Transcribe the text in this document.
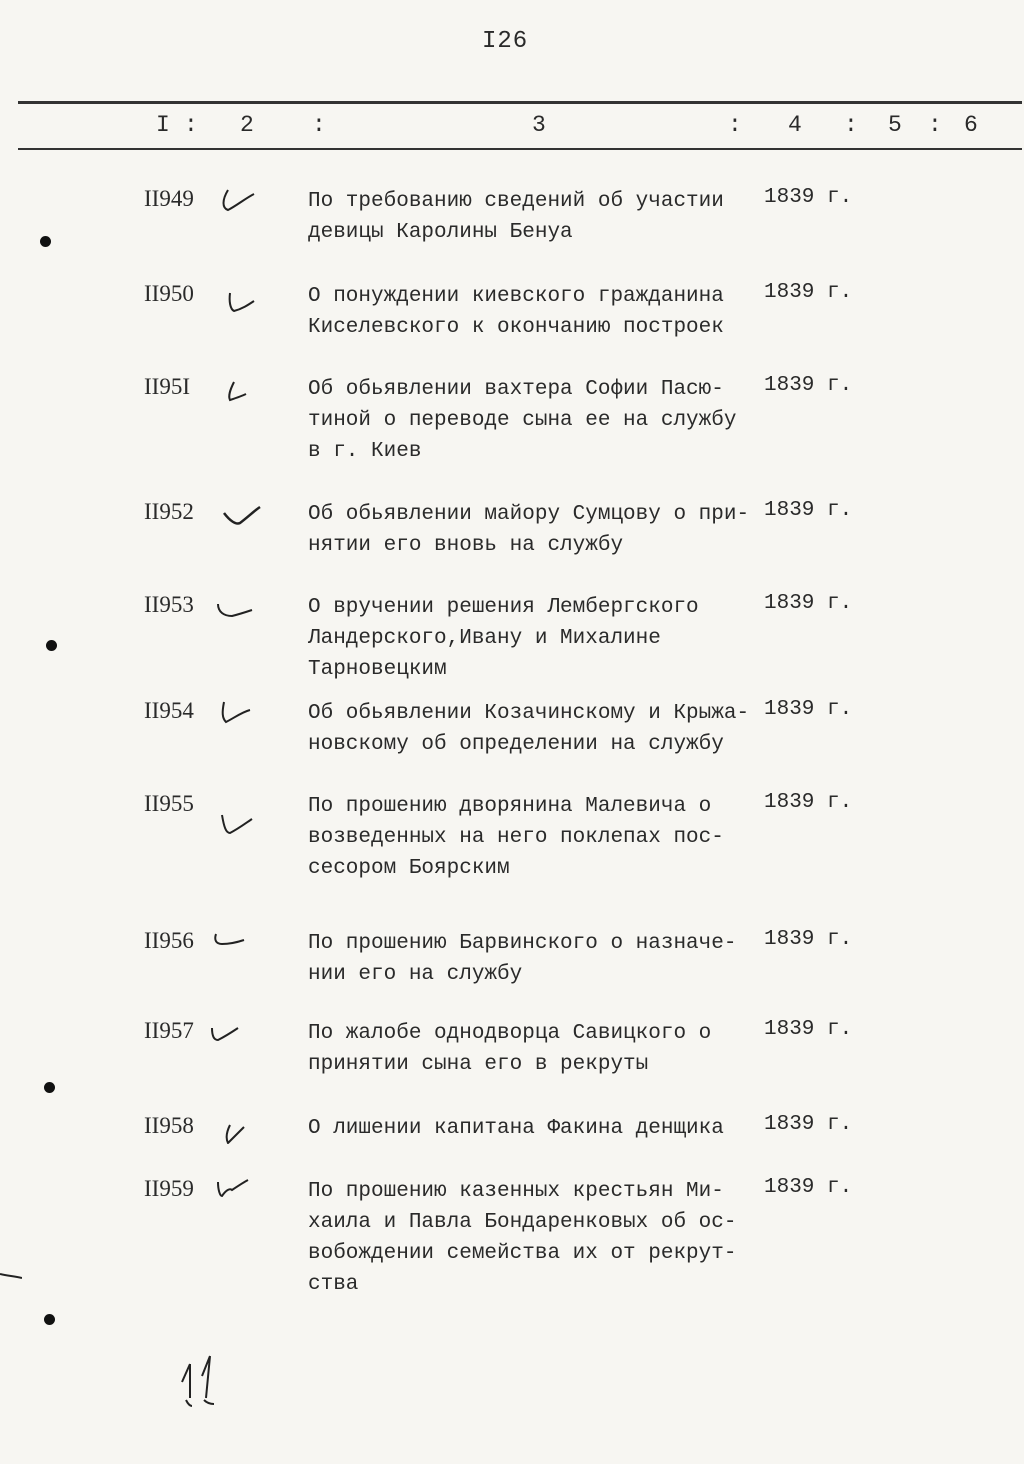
I26
I : 2	:	3	: 4 : 5 : 6
II949	По требованию сведений об участии
девицы Каролины Бенуа
1839 г.
II950	О понуждении киевского гражданина
Киселевского к окончанию построек
1839 г.
II95I	Об обьявлении вахтера Софии Пасю-
тиной о переводе сына ее на службу
в г. Киев
1839 г.
II952	Об обьявлении майору Сумцову о при-
нятии его вновь на службу
1839 г.
II953	О вручении решения Лембергского
Ландерского,Ивану и Михалине Тарновецким
1839 г.
II954	Об обьявлении Козачинскому и Крыжа-
новскому об определении на службу
1839 г.
II955	По прошению дворянина Малевича о
возведенных на него поклепах пос-
сесором Боярским
1839 г.
II956	По прошению Барвинского о назначе-
нии его на службу
1839 г.
II957	По жалобе однодворца Савицкого о
принятии сына его в рекруты
1839 г.
II958	О лишении капитана Факина денщика	1839 г.
II959	По прошению казенных крестьян Ми-
хаила и Павла Бондаренковых об ос-
вобождении семейства их от рекрут-
ства
1839 г.
